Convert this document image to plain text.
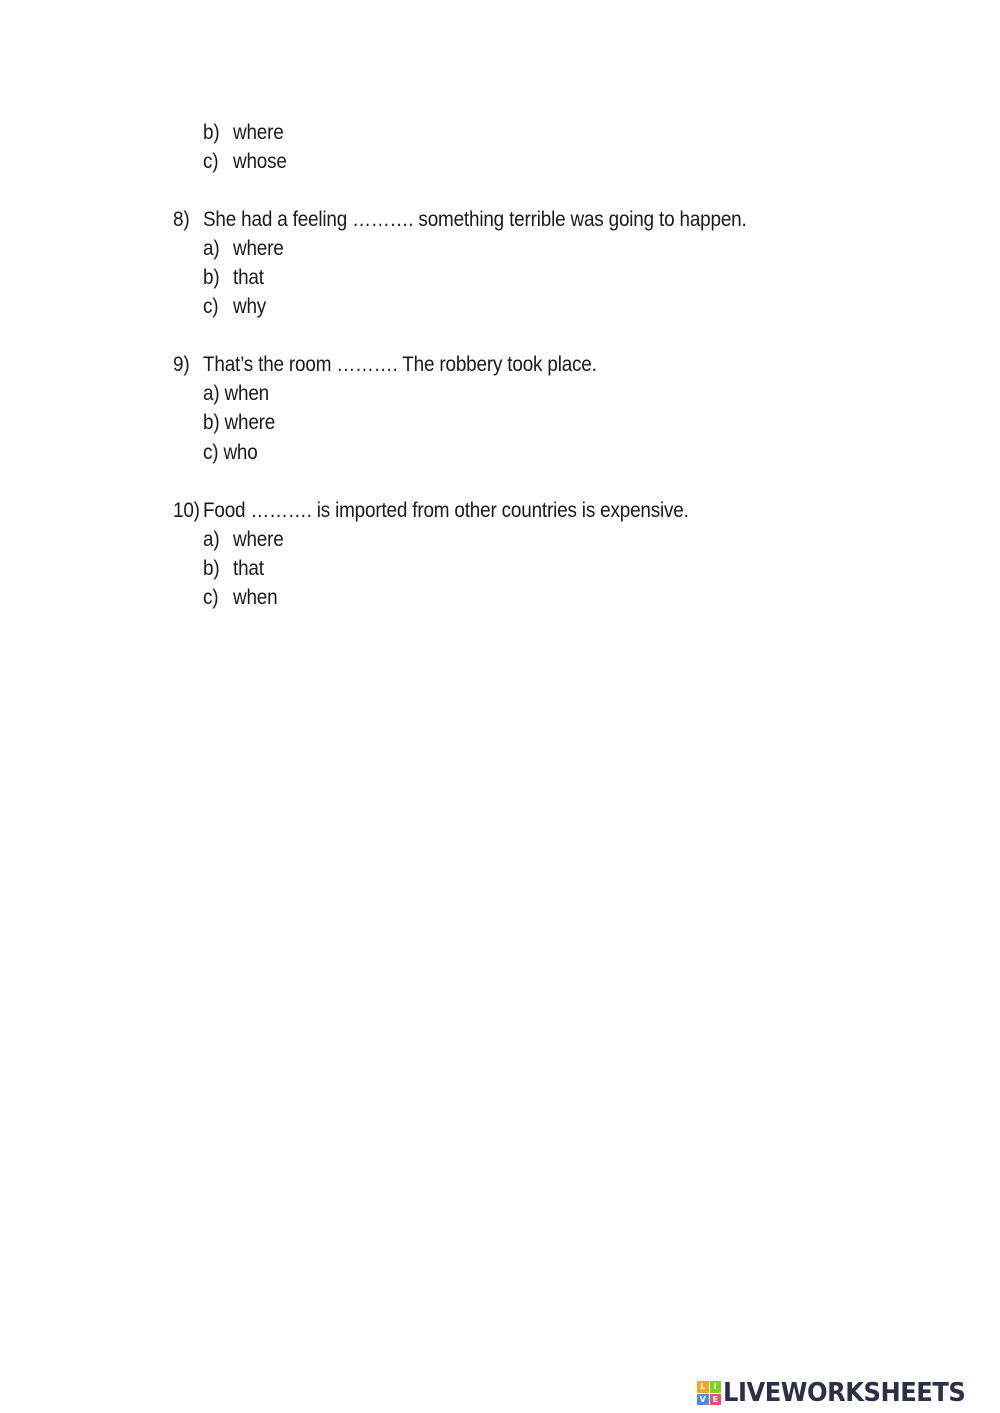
b) where
c) whose
8) She had a feeling ………. something terrible was going to happen.
a) where
b) that
c) why
9) That’s the room ………. The robbery took place.
a) when
b) where
c) who
10) Food ………. is imported from other countries is expensive.
a) where
b) that
c) when
L	I
V E LIVEWORKSHEETS
